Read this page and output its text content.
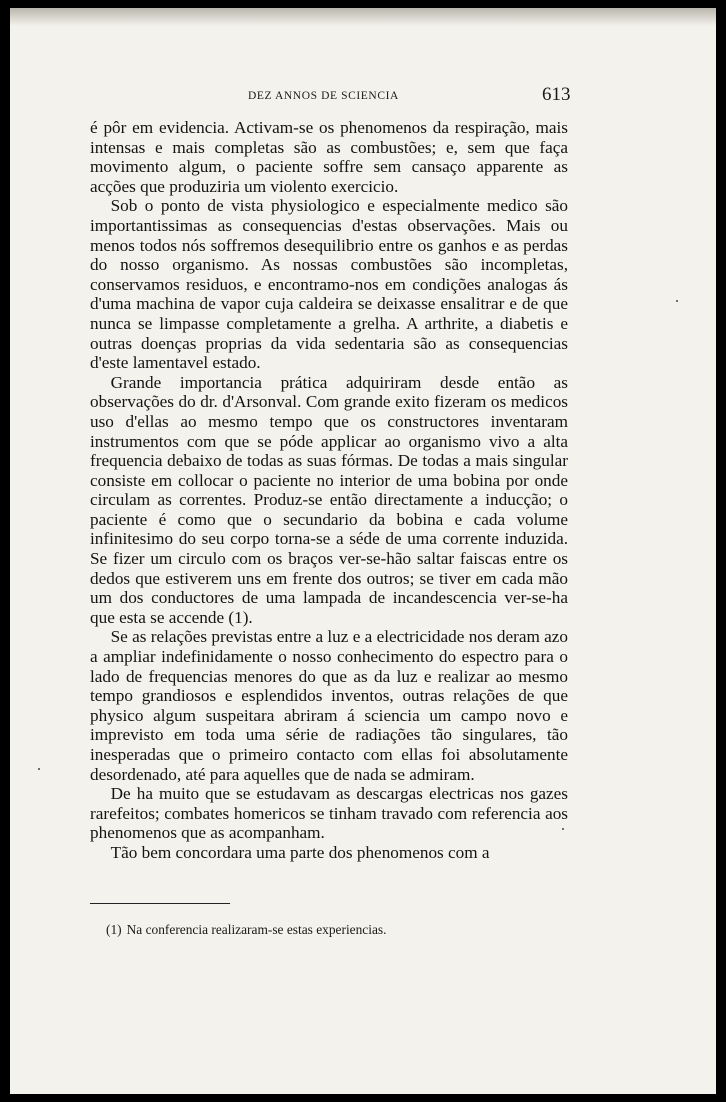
DEZ ANNOS DE SCIENCIA	613

é pôr em evidencia. Activam-se os phenomenos da respiração, mais intensas e mais completas são as combustões; e, sem que faça movimento algum, o paciente soffre sem cansaço apparente as acções que produziria um violento exercicio.

Sob o ponto de vista physiologico e especialmente medico são importantissimas as consequencias d'estas observações. Mais ou menos todos nós soffremos desequilibrio entre os ganhos e as perdas do nosso organismo. As nossas combustões são incompletas, conservamos residuos, e encontramo-nos em condições analogas ás d'uma machina de vapor cuja caldeira se deixasse ensalitrar e de que nunca se limpasse completamente a grelha. A arthrite, a diabetis e outras doenças proprias da vida sedentaria são as consequencias d'este lamentavel estado.

Grande importancia prática adquiriram desde então as observações do dr. d'Arsonval. Com grande exito fizeram os medicos uso d'ellas ao mesmo tempo que os constructores inventaram instrumentos com que se póde applicar ao organismo vivo a alta frequencia debaixo de todas as suas fórmas. De todas a mais singular consiste em collocar o paciente no interior de uma bobina por onde circulam as correntes. Produz-se então directamente a inducção; o paciente é como que o secundario da bobina e cada volume infinitesimo do seu corpo torna-se a séde de uma corrente induzida. Se fizer um circulo com os braços ver-se-hão saltar faiscas entre os dedos que estiverem uns em frente dos outros; se tiver em cada mão um dos conductores de uma lampada de incandescencia ver-se-ha que esta se accende (1).

Se as relações previstas entre a luz e a electricidade nos deram azo a ampliar indefinidamente o nosso conhecimento do espectro para o lado de frequencias menores do que as da luz e realizar ao mesmo tempo grandiosos e esplendidos inventos, outras relações de que physico algum suspeitara abriram á sciencia um campo novo e imprevisto em toda uma série de radiações tão singulares, tão inesperadas que o primeiro contacto com ellas foi absolutamente desordenado, até para aquelles que de nada se admiram.

De ha muito que se estudavam as descargas electricas nos gazes rarefeitos; combates homericos se tinham travado com referencia aos phenomenos que as acompanham.

Tão bem concordara uma parte dos phenomenos com a

(1) Na conferencia realizaram-se estas experiencias.
